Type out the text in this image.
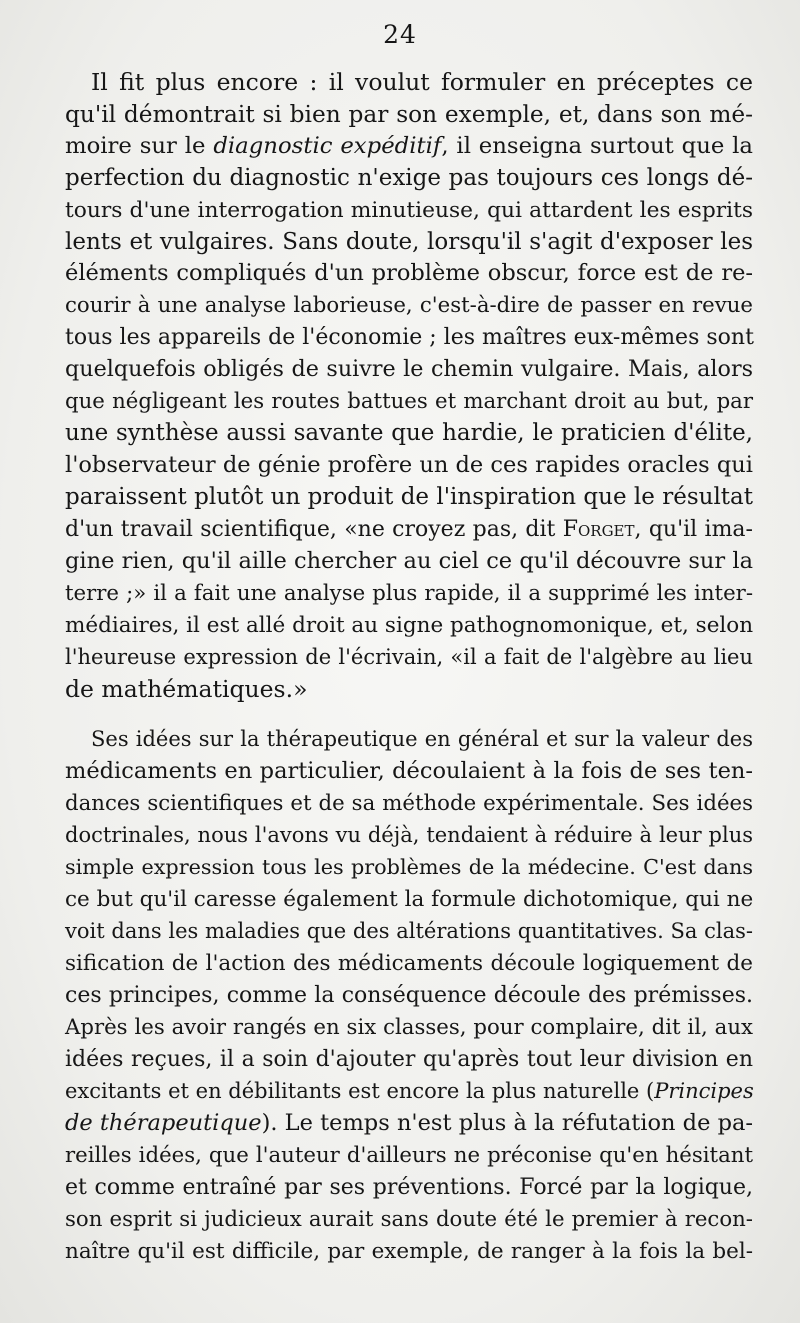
24
Il fit plus encore : il voulut formuler en préceptes ce
qu'il démontrait si bien par son exemple, et, dans son mé-
moire sur le diagnostic expéditif, il enseigna surtout que la
perfection du diagnostic n'exige pas toujours ces longs dé-
tours d'une interrogation minutieuse, qui attardent les esprits
lents et vulgaires. Sans doute, lorsqu'il s'agit d'exposer les
éléments compliqués d'un problème obscur, force est de re-
courir à une analyse laborieuse, c'est-à-dire de passer en revue
tous les appareils de l'économie ; les maîtres eux-mêmes sont
quelquefois obligés de suivre le chemin vulgaire. Mais, alors
que négligeant les routes battues et marchant droit au but, par
une synthèse aussi savante que hardie, le praticien d'élite,
l'observateur de génie profère un de ces rapides oracles qui
paraissent plutôt un produit de l'inspiration que le résultat
d'un travail scientifique, «ne croyez pas, dit Forget, qu'il ima-
gine rien, qu'il aille chercher au ciel ce qu'il découvre sur la
terre ;» il a fait une analyse plus rapide, il a supprimé les inter-
médiaires, il est allé droit au signe pathognomonique, et, selon
l'heureuse expression de l'écrivain, «il a fait de l'algèbre au lieu
de mathématiques.»
Ses idées sur la thérapeutique en général et sur la valeur des
médicaments en particulier, découlaient à la fois de ses ten-
dances scientifiques et de sa méthode expérimentale. Ses idées
doctrinales, nous l'avons vu déjà, tendaient à réduire à leur plus
simple expression tous les problèmes de la médecine. C'est dans
ce but qu'il caresse également la formule dichotomique, qui ne
voit dans les maladies que des altérations quantitatives. Sa clas-
sification de l'action des médicaments découle logiquement de
ces principes, comme la conséquence découle des prémisses.
Après les avoir rangés en six classes, pour complaire, dit il, aux
idées reçues, il a soin d'ajouter qu'après tout leur division en
excitants et en débilitants est encore la plus naturelle (Principes
de thérapeutique). Le temps n'est plus à la réfutation de pa-
reilles idées, que l'auteur d'ailleurs ne préconise qu'en hésitant
et comme entraîné par ses préventions. Forcé par la logique,
son esprit si judicieux aurait sans doute été le premier à recon-
naître qu'il est difficile, par exemple, de ranger à la fois la bel-
